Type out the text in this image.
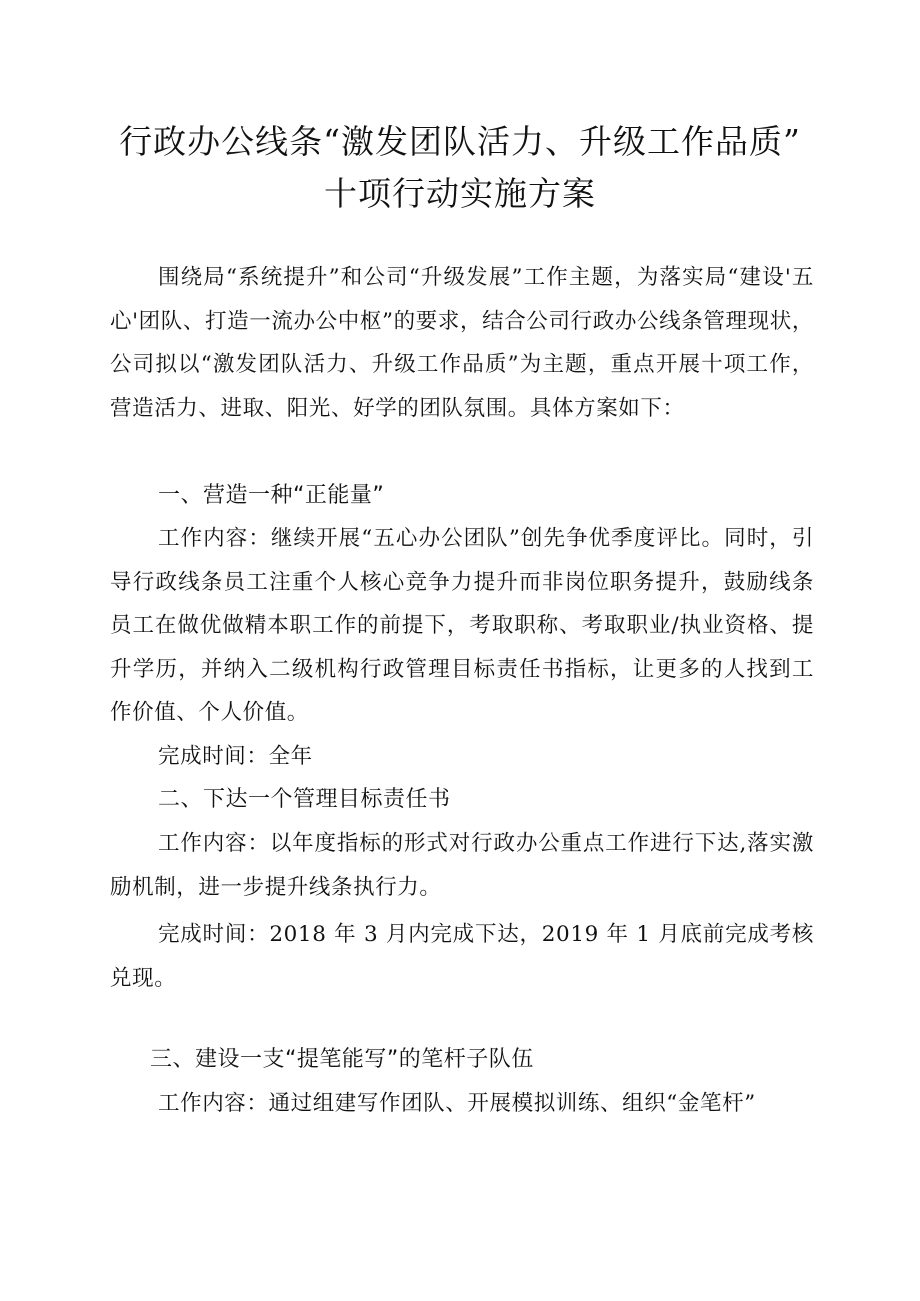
行政办公线条“激发团队活力、升级工作品质”
十项行动实施方案

围绕局“系统提升”和公司“升级发展”工作主题，为落实局“建设'五心'团队、打造一流办公中枢”的要求，结合公司行政办公线条管理现状，公司拟以“激发团队活力、升级工作品质”为主题，重点开展十项工作，营造活力、进取、阳光、好学的团队氛围。具体方案如下：

一、营造一种“正能量”

工作内容：继续开展“五心办公团队”创先争优季度评比。同时，引导行政线条员工注重个人核心竞争力提升而非岗位职务提升，鼓励线条员工在做优做精本职工作的前提下，考取职称、考取职业/执业资格、提升学历，并纳入二级机构行政管理目标责任书指标，让更多的人找到工作价值、个人价值。

完成时间：全年

二、下达一个管理目标责任书

工作内容：以年度指标的形式对行政办公重点工作进行下达,落实激励机制，进一步提升线条执行力。

完成时间：2018 年 3 月内完成下达，2019 年 1 月底前完成考核兑现。

三、建设一支“提笔能写”的笔杆子队伍

工作内容：通过组建写作团队、开展模拟训练、组织“金笔杆”
